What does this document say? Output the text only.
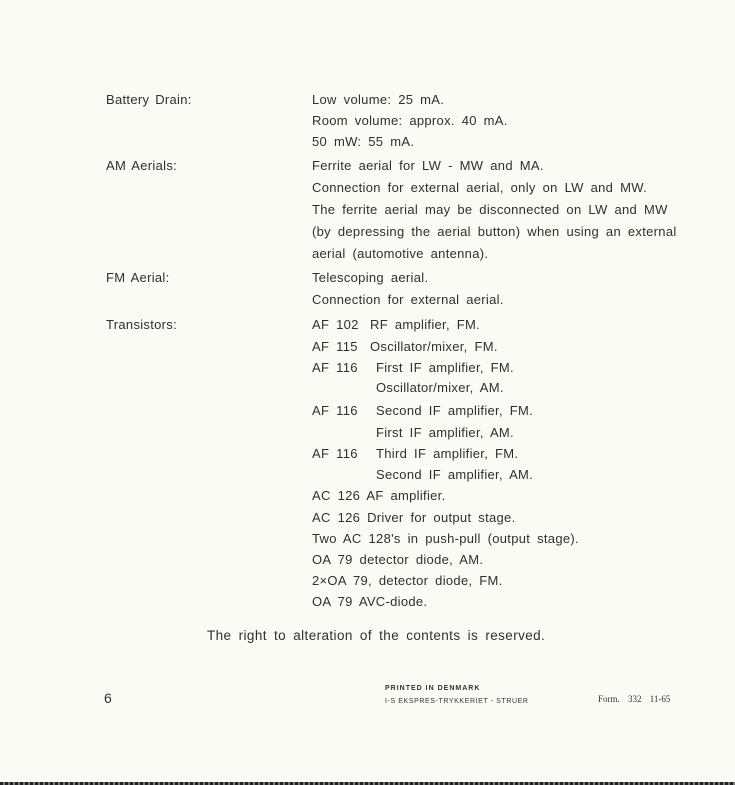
Battery Drain:	Low volume: 25 mA.
Room volume: approx. 40 mA.
50 mW: 55 mA.
AM Aerials:	Ferrite aerial for LW - MW and MA.
Connection for external aerial, only on LW and MW.
The ferrite aerial may be disconnected on LW and MW
(by depressing the aerial button) when using an external
aerial (automotive antenna).
FM Aerial:	Telescoping aerial.
Connection for external aerial.
Transistors:	AF 102 RF amplifier, FM.
AF 115 Oscillator/mixer, FM.
AF 116	First IF amplifier, FM.
Oscillator/mixer, AM.
AF 116	Second IF amplifier, FM.
First IF amplifier, AM.
AF 116	Third IF amplifier, FM.
Second IF amplifier, AM.
AC 126 AF amplifier.
AC 126 Driver for output stage.
Two AC 128's in push-pull (output stage).
OA 79 detector diode, AM.
2×OA 79, detector diode, FM.
OA 79 AVC-diode.
The right to alteration of the contents is reserved.
6
PRINTED IN DENMARK
I-S EKSPRES-TRYKKERIET - STRUER	Form. 332 11-65
